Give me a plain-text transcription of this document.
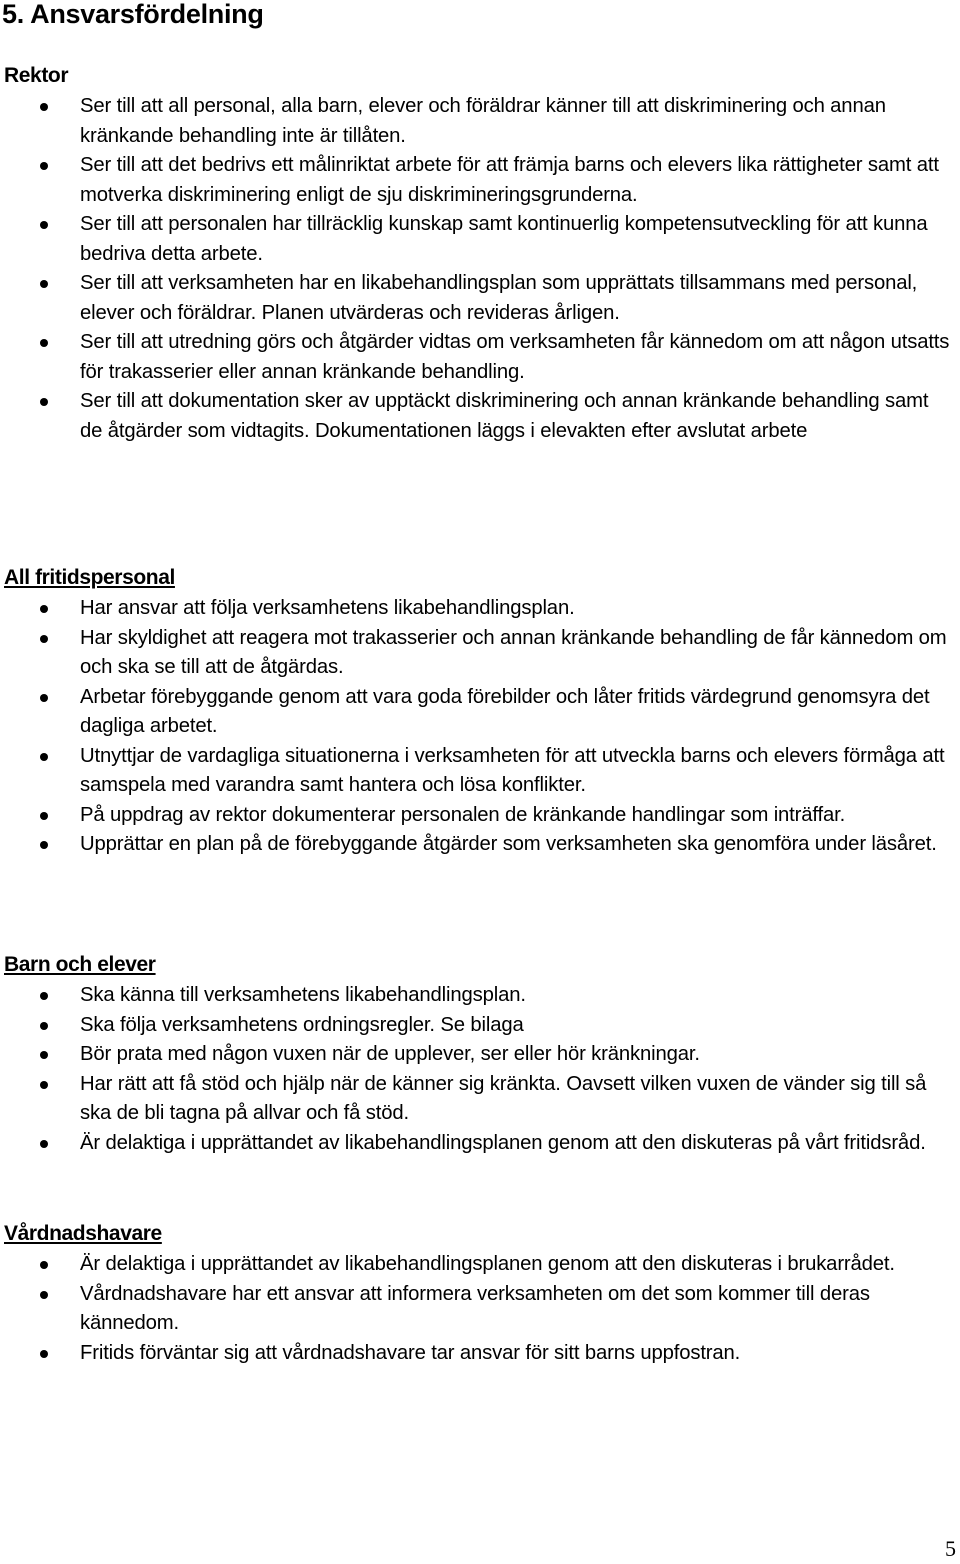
5. Ansvarsfördelning
Rektor
Ser till att all personal, alla barn, elever och föräldrar känner till att diskriminering och annan kränkande behandling inte är tillåten.
Ser till att det bedrivs ett målinriktat arbete för att främja barns och elevers lika rättigheter samt att motverka diskriminering enligt de sju diskrimineringsgrunderna.
Ser till att personalen har tillräcklig kunskap samt kontinuerlig kompetensutveckling för att kunna bedriva detta arbete.
Ser till att verksamheten har en likabehandlingsplan som upprättats tillsammans med personal, elever och föräldrar. Planen utvärderas och revideras årligen.
Ser till att utredning görs och åtgärder vidtas om verksamheten får kännedom om att någon utsatts för trakasserier eller annan kränkande behandling.
Ser till att dokumentation sker av upptäckt diskriminering och annan kränkande behandling samt de åtgärder som vidtagits. Dokumentationen läggs i elevakten efter avslutat arbete
All fritidspersonal
Har ansvar att följa verksamhetens likabehandlingsplan.
Har skyldighet att reagera mot trakasserier och annan kränkande behandling de får kännedom om och ska se till att de åtgärdas.
Arbetar förebyggande genom att vara goda förebilder och låter fritids värdegrund genomsyra det dagliga arbetet.
Utnyttjar de vardagliga situationerna i verksamheten för att utveckla barns och elevers förmåga att samspela med varandra samt hantera och lösa konflikter.
På uppdrag av rektor dokumenterar personalen de kränkande handlingar som inträffar.
Upprättar en plan på de förebyggande åtgärder som verksamheten ska genomföra under läsåret.
Barn och elever
Ska känna till verksamhetens likabehandlingsplan.
Ska följa verksamhetens ordningsregler. Se bilaga
Bör prata med någon vuxen när de upplever, ser eller hör kränkningar.
Har rätt att få stöd och hjälp när de känner sig kränkta. Oavsett vilken vuxen de vänder sig till så ska de bli tagna på allvar och få stöd.
Är delaktiga i upprättandet av likabehandlingsplanen genom att den diskuteras på vårt fritidsråd.
Vårdnadshavare
Är delaktiga i upprättandet av likabehandlingsplanen genom att den diskuteras i brukarrådet.
Vårdnadshavare har ett ansvar att informera verksamheten om det som kommer till deras kännedom.
Fritids förväntar sig att vårdnadshavare tar ansvar för sitt barns uppfostran.
5
